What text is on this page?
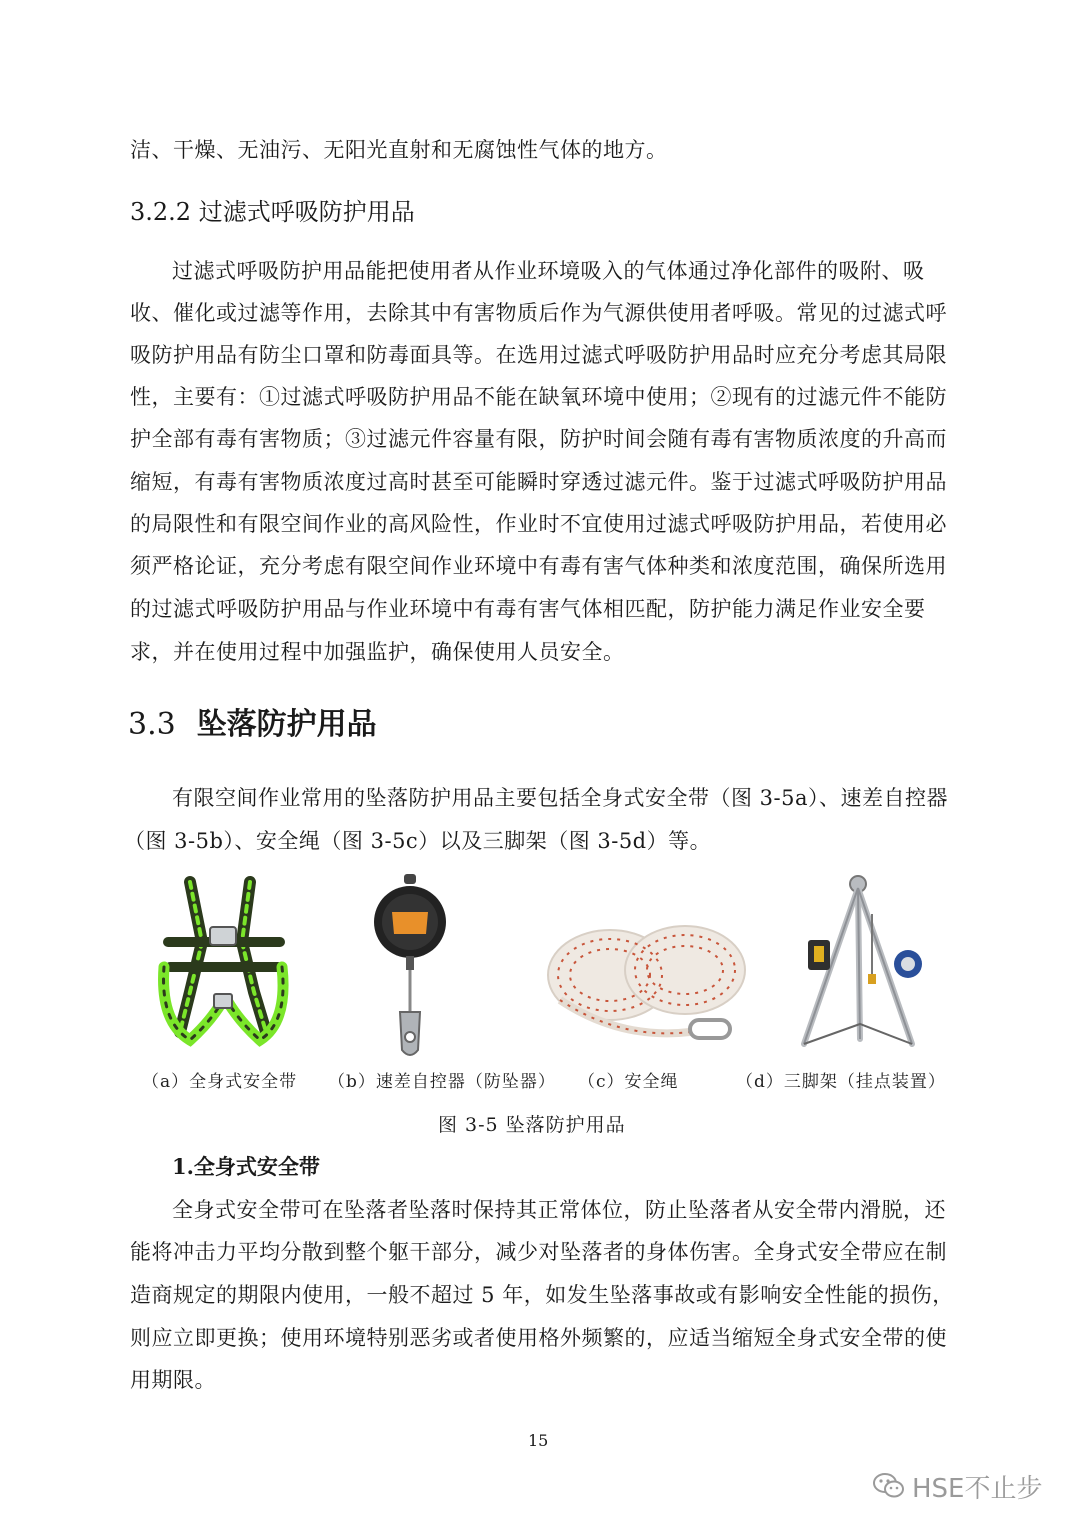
洁、干燥、无油污、无阳光直射和无腐蚀性气体的地方。
3.2.2 过滤式呼吸防护用品
过滤式呼吸防护用品能把使用者从作业环境吸入的气体通过净化部件的吸附、吸
收、催化或过滤等作用，去除其中有害物质后作为气源供使用者呼吸。常见的过滤式呼
吸防护用品有防尘口罩和防毒面具等。在选用过滤式呼吸防护用品时应充分考虑其局限
性，主要有：①过滤式呼吸防护用品不能在缺氧环境中使用；②现有的过滤元件不能防
护全部有毒有害物质；③过滤元件容量有限，防护时间会随有毒有害物质浓度的升高而
缩短，有毒有害物质浓度过高时甚至可能瞬时穿透过滤元件。鉴于过滤式呼吸防护用品
的局限性和有限空间作业的高风险性，作业时不宜使用过滤式呼吸防护用品，若使用必
须严格论证，充分考虑有限空间作业环境中有毒有害气体种类和浓度范围，确保所选用
的过滤式呼吸防护用品与作业环境中有毒有害气体相匹配，防护能力满足作业安全要
求，并在使用过程中加强监护，确保使用人员安全。
3.3 坠落防护用品
有限空间作业常用的坠落防护用品主要包括全身式安全带（图 3-5a）、速差自控器
（图 3-5b）、安全绳（图 3-5c）以及三脚架（图 3-5d）等。
（a）全身式安全带 （b）速差自控器（防坠器） （c）安全绳	（d）三脚架（挂点装置）
图 3-5 坠落防护用品
1.全身式安全带
全身式安全带可在坠落者坠落时保持其正常体位，防止坠落者从安全带内滑脱，还
能将冲击力平均分散到整个躯干部分，减少对坠落者的身体伤害。全身式安全带应在制
造商规定的期限内使用，一般不超过 5 年，如发生坠落事故或有影响安全性能的损伤，
则应立即更换；使用环境特别恶劣或者使用格外频繁的，应适当缩短全身式安全带的使
用期限。
15
HSE不止步
